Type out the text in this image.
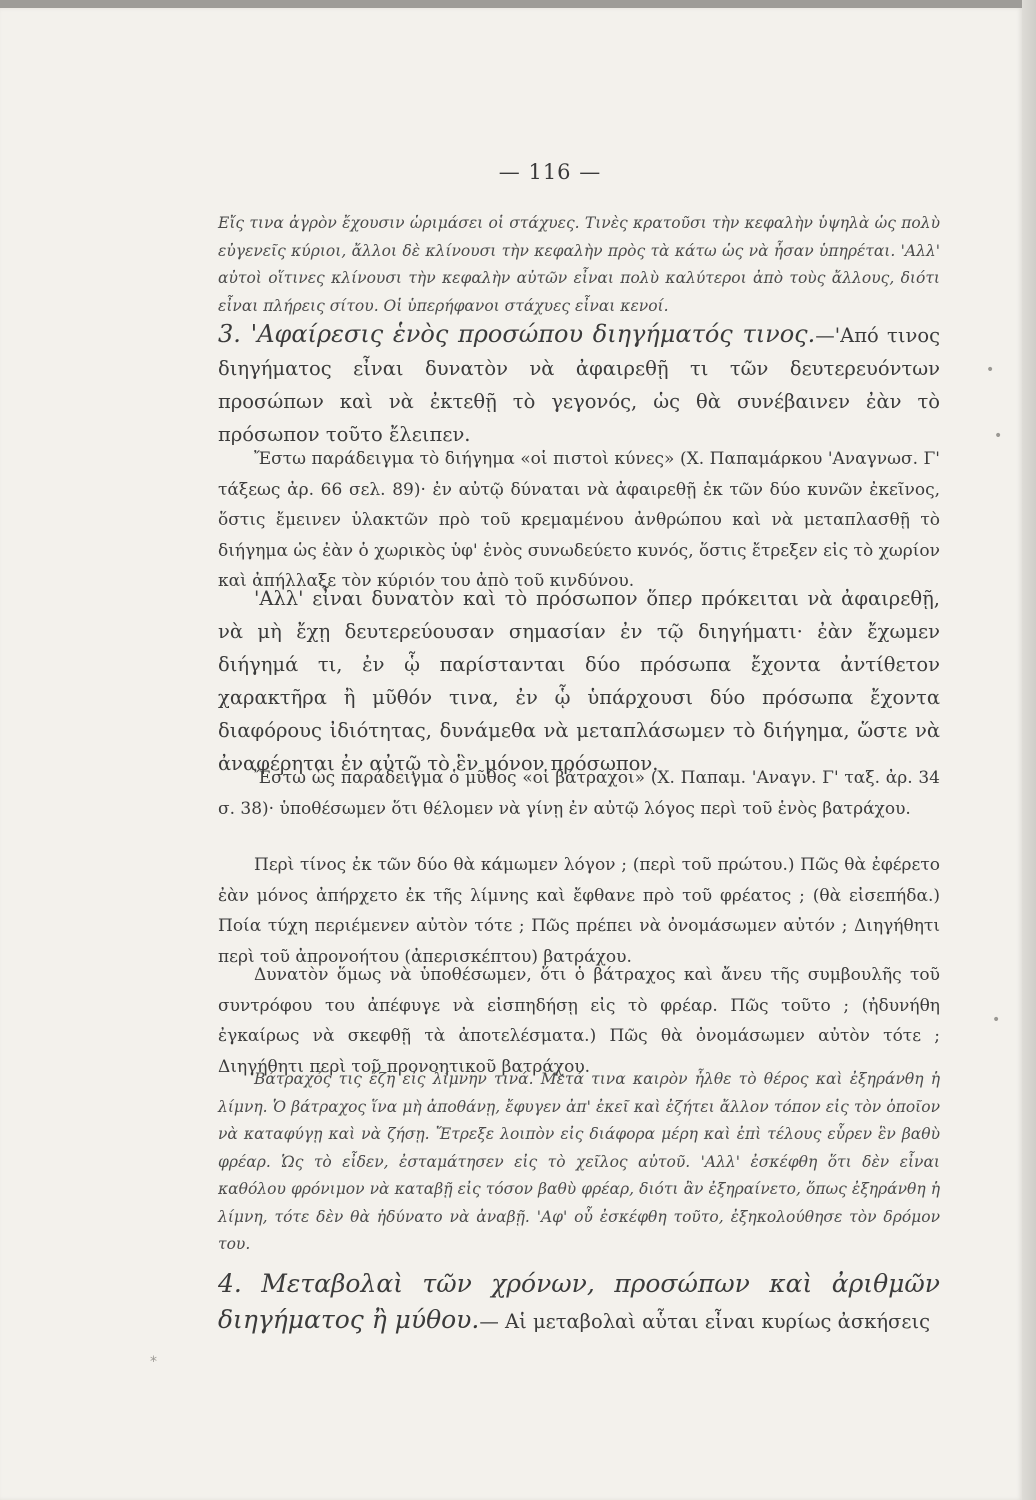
— 116 —

Εἴς τινα ἀγρὸν ἔχουσιν ὡριμάσει οἱ στάχυες. Τινὲς κρατοῦσι τὴν κεφαλὴν ὑψηλὰ ὡς πολὺ εὐγενεῖς κύριοι, ἄλλοι δὲ κλίνουσι τὴν κεφαλὴν πρὸς τὰ κάτω ὡς νὰ ἦσαν ὑπηρέται. 'Αλλ' αὐτοὶ οἵτινες κλίνουσι τὴν κεφαλὴν αὐτῶν εἶναι πολὺ καλύτεροι ἀπὸ τοὺς ἄλλους, διότι εἶναι πλήρεις σίτου. Οἱ ὑπερήφανοι στάχυες εἶναι κενοί.

3. 'Αφαίρεσις ἑνὸς προσώπου διηγήματός τινος.—'Από τινος διηγήματος εἶναι δυνατὸν νὰ ἀφαιρεθῇ τι τῶν δευτερευόντων προσώπων καὶ νὰ ἐκτεθῇ τὸ γεγονός, ὡς θὰ συνέβαινεν ἐὰν τὸ πρόσωπον τοῦτο ἔλειπεν.

Ἔστω παράδειγμα τὸ διήγημα «οἱ πιστοὶ κύνες» (Χ. Παπαμάρκου 'Αναγνωσ. Γ' τάξεως ἀρ. 66 σελ. 89)· ἐν αὐτῷ δύναται νὰ ἀφαιρεθῇ ἐκ τῶν δύο κυνῶν ἐκεῖνος, ὅστις ἔμεινεν ὑλακτῶν πρὸ τοῦ κρεμαμένου ἀνθρώπου καὶ νὰ μεταπλασθῇ τὸ διήγημα ὡς ἐὰν ὁ χωρικὸς ὑφ' ἑνὸς συνωδεύετο κυνός, ὅστις ἔτρεξεν εἰς τὸ χωρίον καὶ ἀπήλλαξε τὸν κύριόν του ἀπὸ τοῦ κινδύνου.

'Αλλ' εἶναι δυνατὸν καὶ τὸ πρόσωπον ὅπερ πρόκειται νὰ ἀφαιρεθῇ, νὰ μὴ ἔχῃ δευτερεύουσαν σημασίαν ἐν τῷ διηγήματι· ἐὰν ἔχωμεν διήγημά τι, ἐν ᾧ παρίστανται δύο πρόσωπα ἔχοντα ἀντίθετον χαρακτῆρα ἢ μῦθόν τινα, ἐν ᾧ ὑπάρχουσι δύο πρόσωπα ἔχοντα διαφόρους ἰδιότητας, δυνάμεθα νὰ μεταπλάσωμεν τὸ διήγημα, ὥστε νὰ ἀναφέρηται ἐν αὐτῷ τὸ ἓν μόνον πρόσωπον.

Ἔστω ὡς παράδειγμα ὁ μῦθος «οἱ βάτραχοι» (Χ. Παπαμ. 'Αναγν. Γ' ταξ. ἀρ. 34 σ. 38)· ὑποθέσωμεν ὅτι θέλομεν νὰ γίνῃ ἐν αὐτῷ λόγος περὶ τοῦ ἑνὸς βατράχου.

Περὶ τίνος ἐκ τῶν δύο θὰ κάμωμεν λόγον ; (περὶ τοῦ πρώτου.) Πῶς θὰ ἐφέρετο ἐὰν μόνος ἀπήρχετο ἐκ τῆς λίμνης καὶ ἔφθανε πρὸ τοῦ φρέατος ; (θὰ εἰσεπήδα.) Ποία τύχη περιέμενεν αὐτὸν τότε ; Πῶς πρέπει νὰ ὀνομάσωμεν αὐτόν ; Διηγήθητι περὶ τοῦ ἀπρονοήτου (ἀπερισκέπτου) βατράχου.

Δυνατὸν ὅμως νὰ ὑποθέσωμεν, ὅτι ὁ βάτραχος καὶ ἄνευ τῆς συμβουλῆς τοῦ συντρόφου του ἀπέφυγε νὰ εἰσπηδήσῃ εἰς τὸ φρέαρ. Πῶς τοῦτο ; (ἠδυνήθη ἐγκαίρως νὰ σκεφθῇ τὰ ἀποτελέσματα.) Πῶς θὰ ὀνομάσωμεν αὐτὸν τότε ; Διηγήθητι περὶ τοῦ προνοητικοῦ βατράχου.

Βάτραχός τις ἔζη εἰς λίμνην τινά. Μετά τινα καιρὸν ἦλθε τὸ θέρος καὶ ἐξηράνθη ἡ λίμνη. Ὁ βάτραχος ἵνα μὴ ἀποθάνῃ, ἔφυγεν ἀπ' ἐκεῖ καὶ ἐζήτει ἄλλον τόπον εἰς τὸν ὁποῖον νὰ καταφύγῃ καὶ νὰ ζήσῃ. Ἔτρεξε λοιπὸν εἰς διάφορα μέρη καὶ ἐπὶ τέλους εὗρεν ἓν βαθὺ φρέαρ. Ὡς τὸ εἶδεν, ἐσταμάτησεν εἰς τὸ χεῖλος αὐτοῦ. 'Αλλ' ἐσκέφθη ὅτι δὲν εἶναι καθόλου φρόνιμον νὰ καταβῇ εἰς τόσον βαθὺ φρέαρ, διότι ἂν ἐξηραίνετο, ὅπως ἐξηράνθη ἡ λίμνη, τότε δὲν θὰ ἠδύνατο νὰ ἀναβῇ. 'Αφ' οὗ ἐσκέφθη τοῦτο, ἐξηκολούθησε τὸν δρόμον του.

4. Μεταβολαὶ τῶν χρόνων, προσώπων καὶ ἀριθμῶν διηγήματος ἢ μύθου.— Αἱ μεταβολαὶ αὗται εἶναι κυρίως ἀσκήσεις

•
•
•
*
